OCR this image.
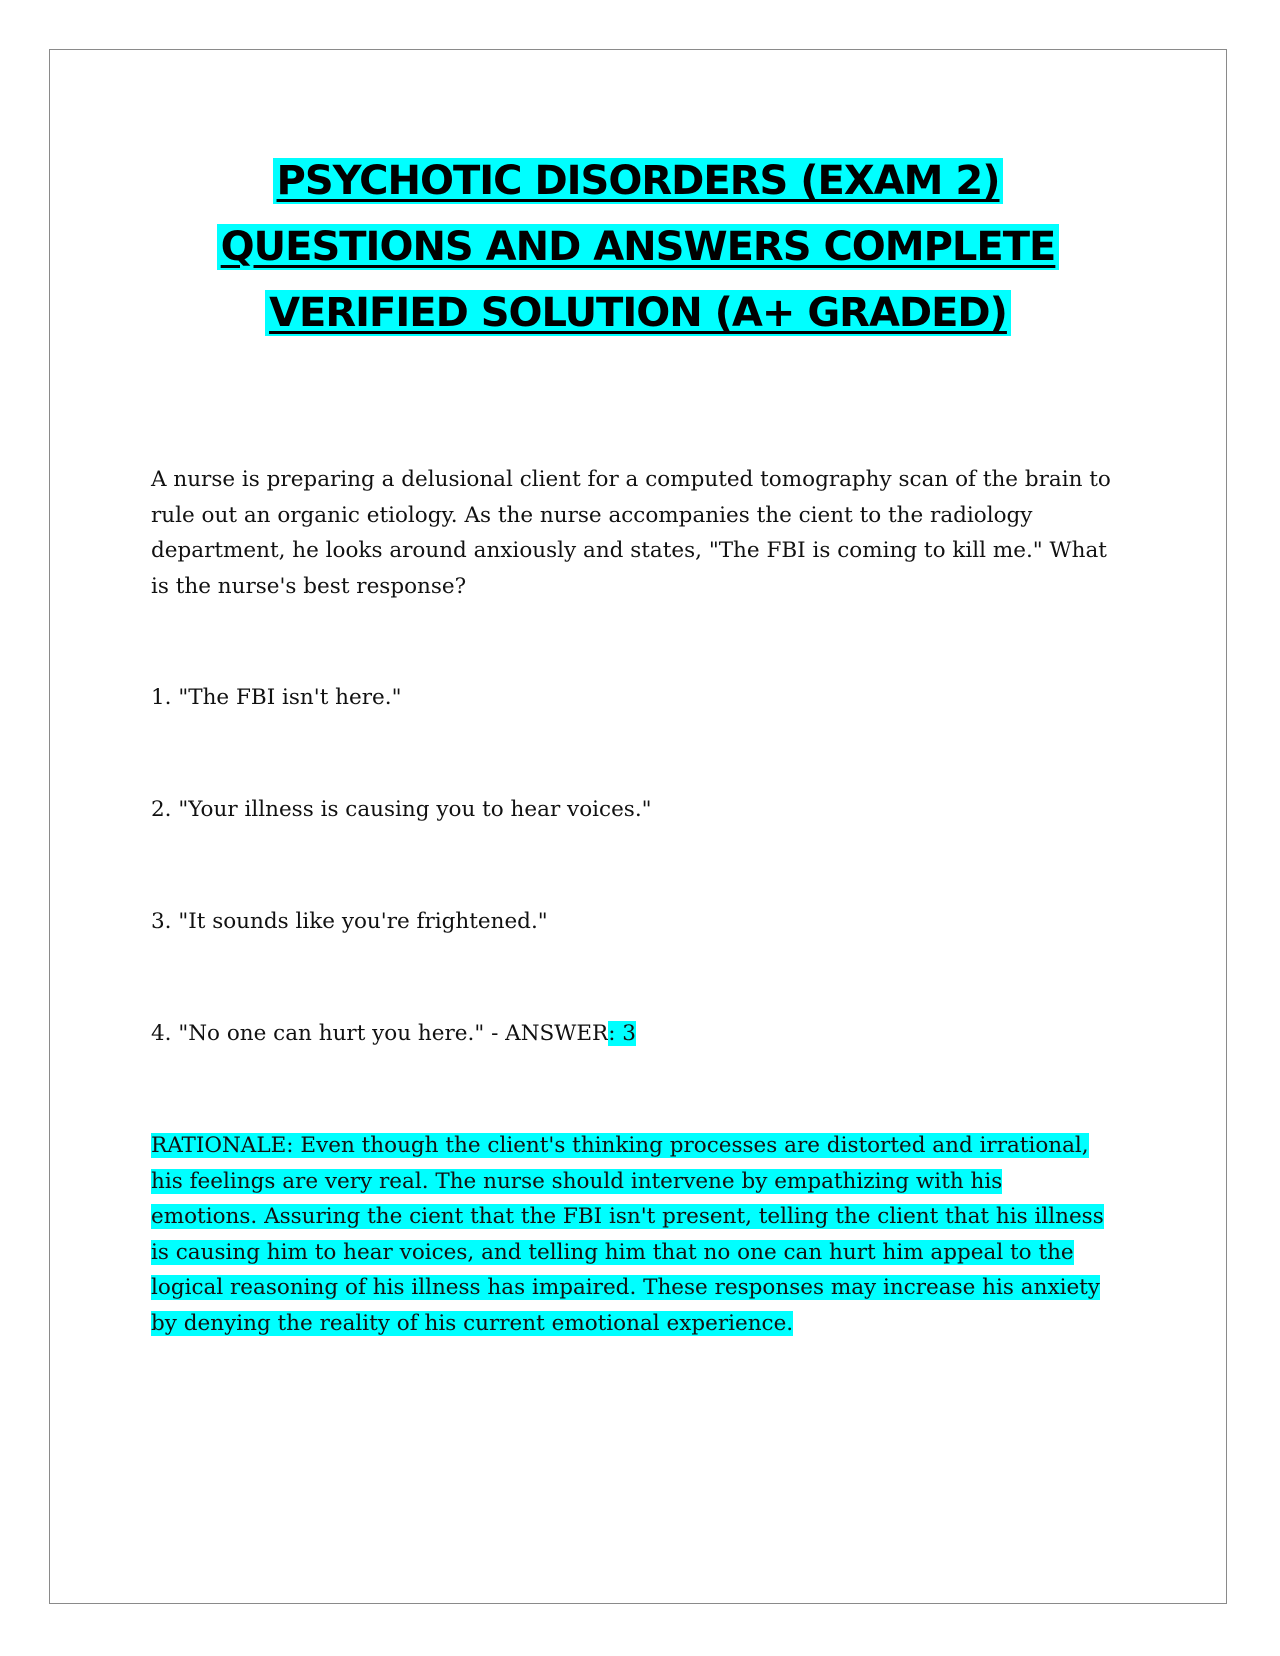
PSYCHOTIC DISORDERS (EXAM 2)
QUESTIONS AND ANSWERS COMPLETE
VERIFIED SOLUTION (A+ GRADED)
A nurse is preparing a delusional client for a computed tomography scan of the brain to rule out an organic etiology. As the nurse accompanies the cient to the radiology department, he looks around anxiously and states, "The FBI is coming to kill me." What is the nurse's best response?
1. "The FBI isn't here."
2. "Your illness is causing you to hear voices."
3. "It sounds like you're frightened."
4. "No one can hurt you here." - ANSWER: 3
RATIONALE: Even though the client's thinking processes are distorted and irrational, his feelings are very real. The nurse should intervene by empathizing with his emotions. Assuring the cient that the FBI isn't present, telling the client that his illness is causing him to hear voices, and telling him that no one can hurt him appeal to the logical reasoning of his illness has impaired. These responses may increase his anxiety by denying the reality of his current emotional experience.
